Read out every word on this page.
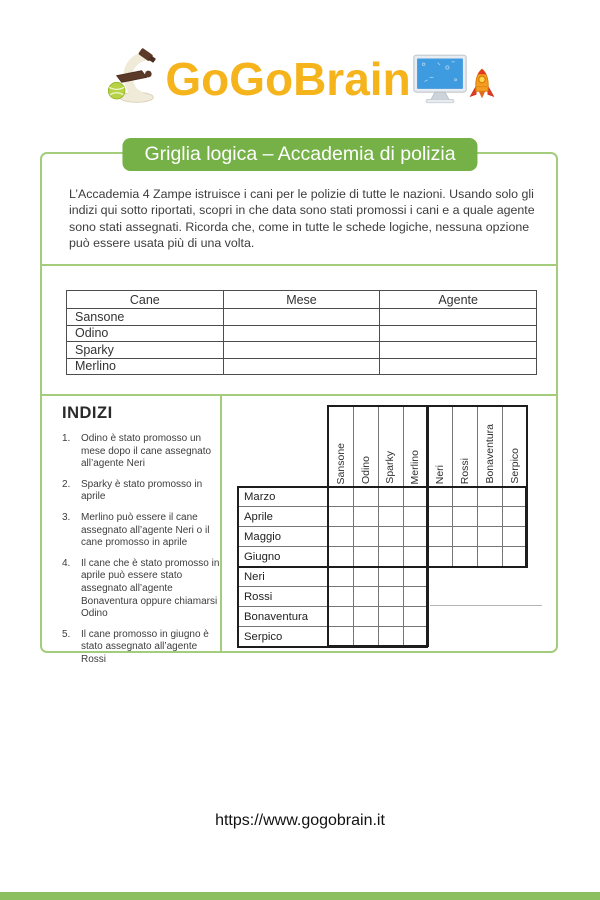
GoGoBrain
Griglia logica – Accademia di polizia

L’Accademia 4 Zampe istruisce i cani per le polizie di tutte le nazioni. Usando solo gli indizi qui sotto riportati, scopri in che data sono stati promossi i cani e a quale agente sono stati assegnati. Ricorda che, come in tutte le schede logiche, nessuna opzione può essere usata più di una volta.

Cane	Mese	Agente
Sansone		
Odino		
Sparky		
Merlino		
INDIZI
1.	Odino è stato promosso un mese dopo il cane assegnato all’agente Neri
2.	Sparky è stato promosso in aprile
3.	Merlino può essere il cane assegnato all’agente Neri o il cane promosso in aprile
4.	Il cane che è stato promosso in aprile può essere stato assegnato all’agente Bonaventura oppure chiamarsi Odino
5.	Il cane promosso in giugno è stato assegnato all’agente Rossi
Sansone Odino Sparky Merlino Neri Rossi Bonaventura Serpico
Marzo
Aprile
Maggio
Giugno
Neri
Rossi
Bonaventura
Serpico
https://www.gogobrain.it
